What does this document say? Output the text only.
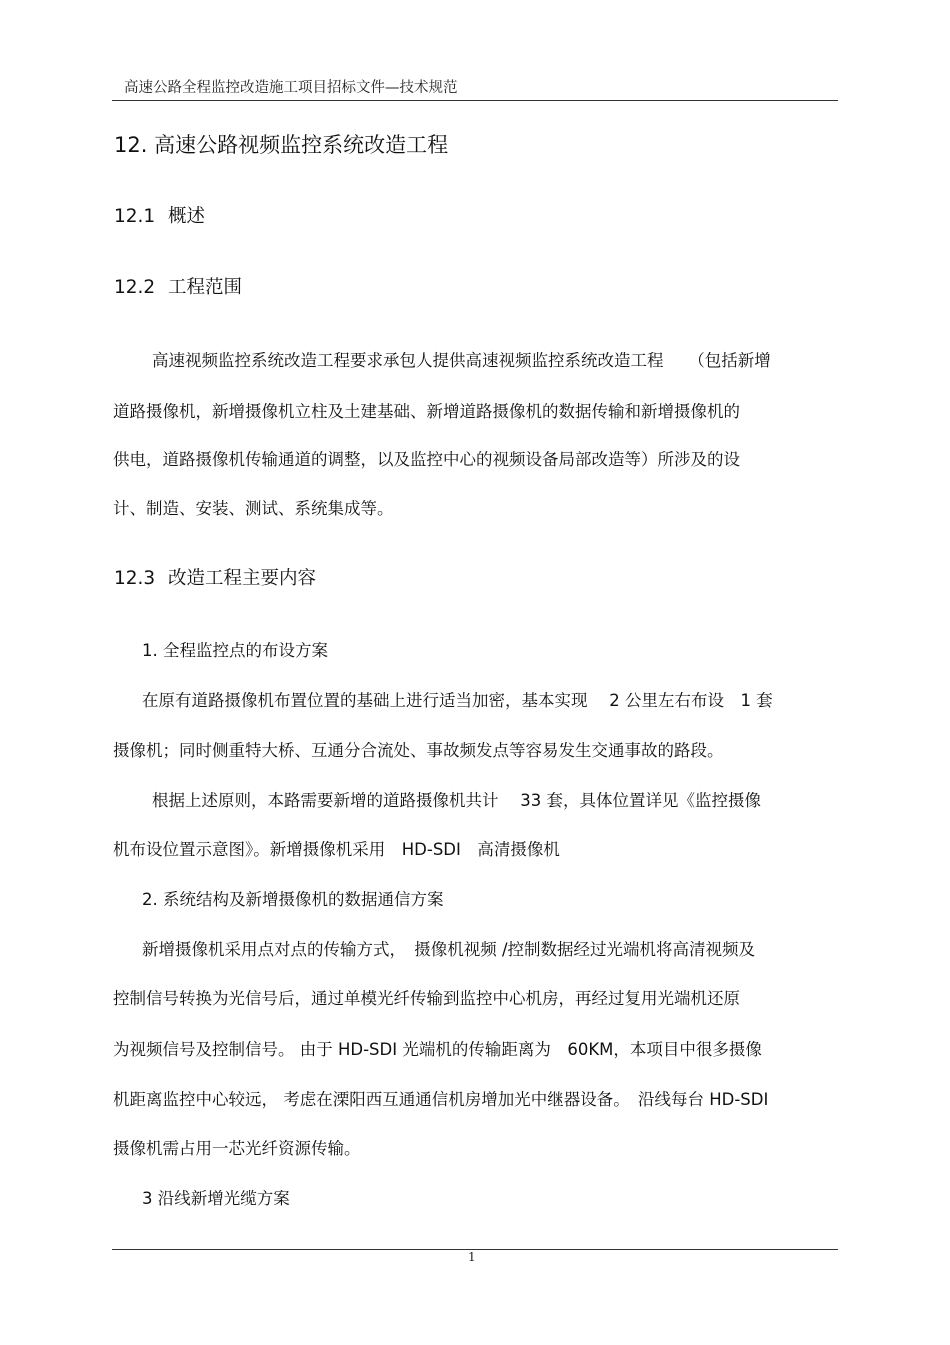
高速公路全程监控改造施工项目招标文件—技术规范
12. 高速公路视频监控系统改造工程
12.1 概述
12.2 工程范围
高速视频监控系统改造工程要求承包人提供高速视频监控系统改造工程　　（包括新增
道路摄像机，新增摄像机立柱及土建基础、新增道路摄像机的数据传输和新增摄像机的
供电，道路摄像机传输通道的调整，以及监控中心的视频设备局部改造等）所涉及的设
计、制造、安装、测试、系统集成等。
12.3 改造工程主要内容
1. 全程监控点的布设方案
在原有道路摄像机布置位置的基础上进行适当加密，基本实现　 2 公里左右布设　1 套
摄像机；同时侧重特大桥、互通分合流处、事故频发点等容易发生交通事故的路段。
根据上述原则，本路需要新增的道路摄像机共计　 33 套，具体位置详见《监控摄像
机布设位置示意图》。新增摄像机采用　HD-SDI　高清摄像机
2. 系统结构及新增摄像机的数据通信方案
新增摄像机采用点对点的传输方式，　摄像机视频 /控制数据经过光端机将高清视频及
控制信号转换为光信号后，通过单模光纤传输到监控中心机房，再经过复用光端机还原
为视频信号及控制信号。 由于 HD-SDI 光端机的传输距离为　60KM，本项目中很多摄像
机距离监控中心较远， 考虑在溧阳西互通通信机房增加光中继器设备。　沿线每台 HD-SDI
摄像机需占用一芯光纤资源传输。
3 沿线新增光缆方案
1
